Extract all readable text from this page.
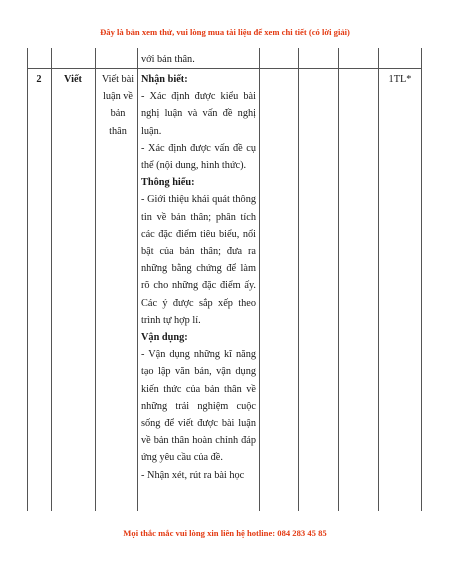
Đây là bản xem thử, vui lòng mua tài liệu để xem chi tiết (có lời giải)
với bản thân.
2	Viết	Viết bài
luận về
bản
thân

Nhận biết:

- Xác định được kiểu bài nghị luận và vấn đề nghị luận.

- Xác định được vấn đề cụ thể (nội dung, hình thức).

Thông hiểu:

- Giới thiệu khái quát thông tin về bản thân; phân tích các đặc điểm tiêu biểu, nổi bật của bản thân; đưa ra những bằng chứng để làm rõ cho những đặc điểm ấy. Các ý được sắp xếp theo trình tự hợp lí.

Vận dụng:

- Vận dụng những kĩ năng tạo lập văn bản, vận dụng kiến thức của bản thân về những trải nghiệm cuộc sống để viết được bài luận về bản thân hoàn chỉnh đáp ứng yêu cầu của đề.

- Nhận xét, rút ra bài học

1TL*
Mọi thắc mắc vui lòng xin liên hệ hotline: 084 283 45 85
